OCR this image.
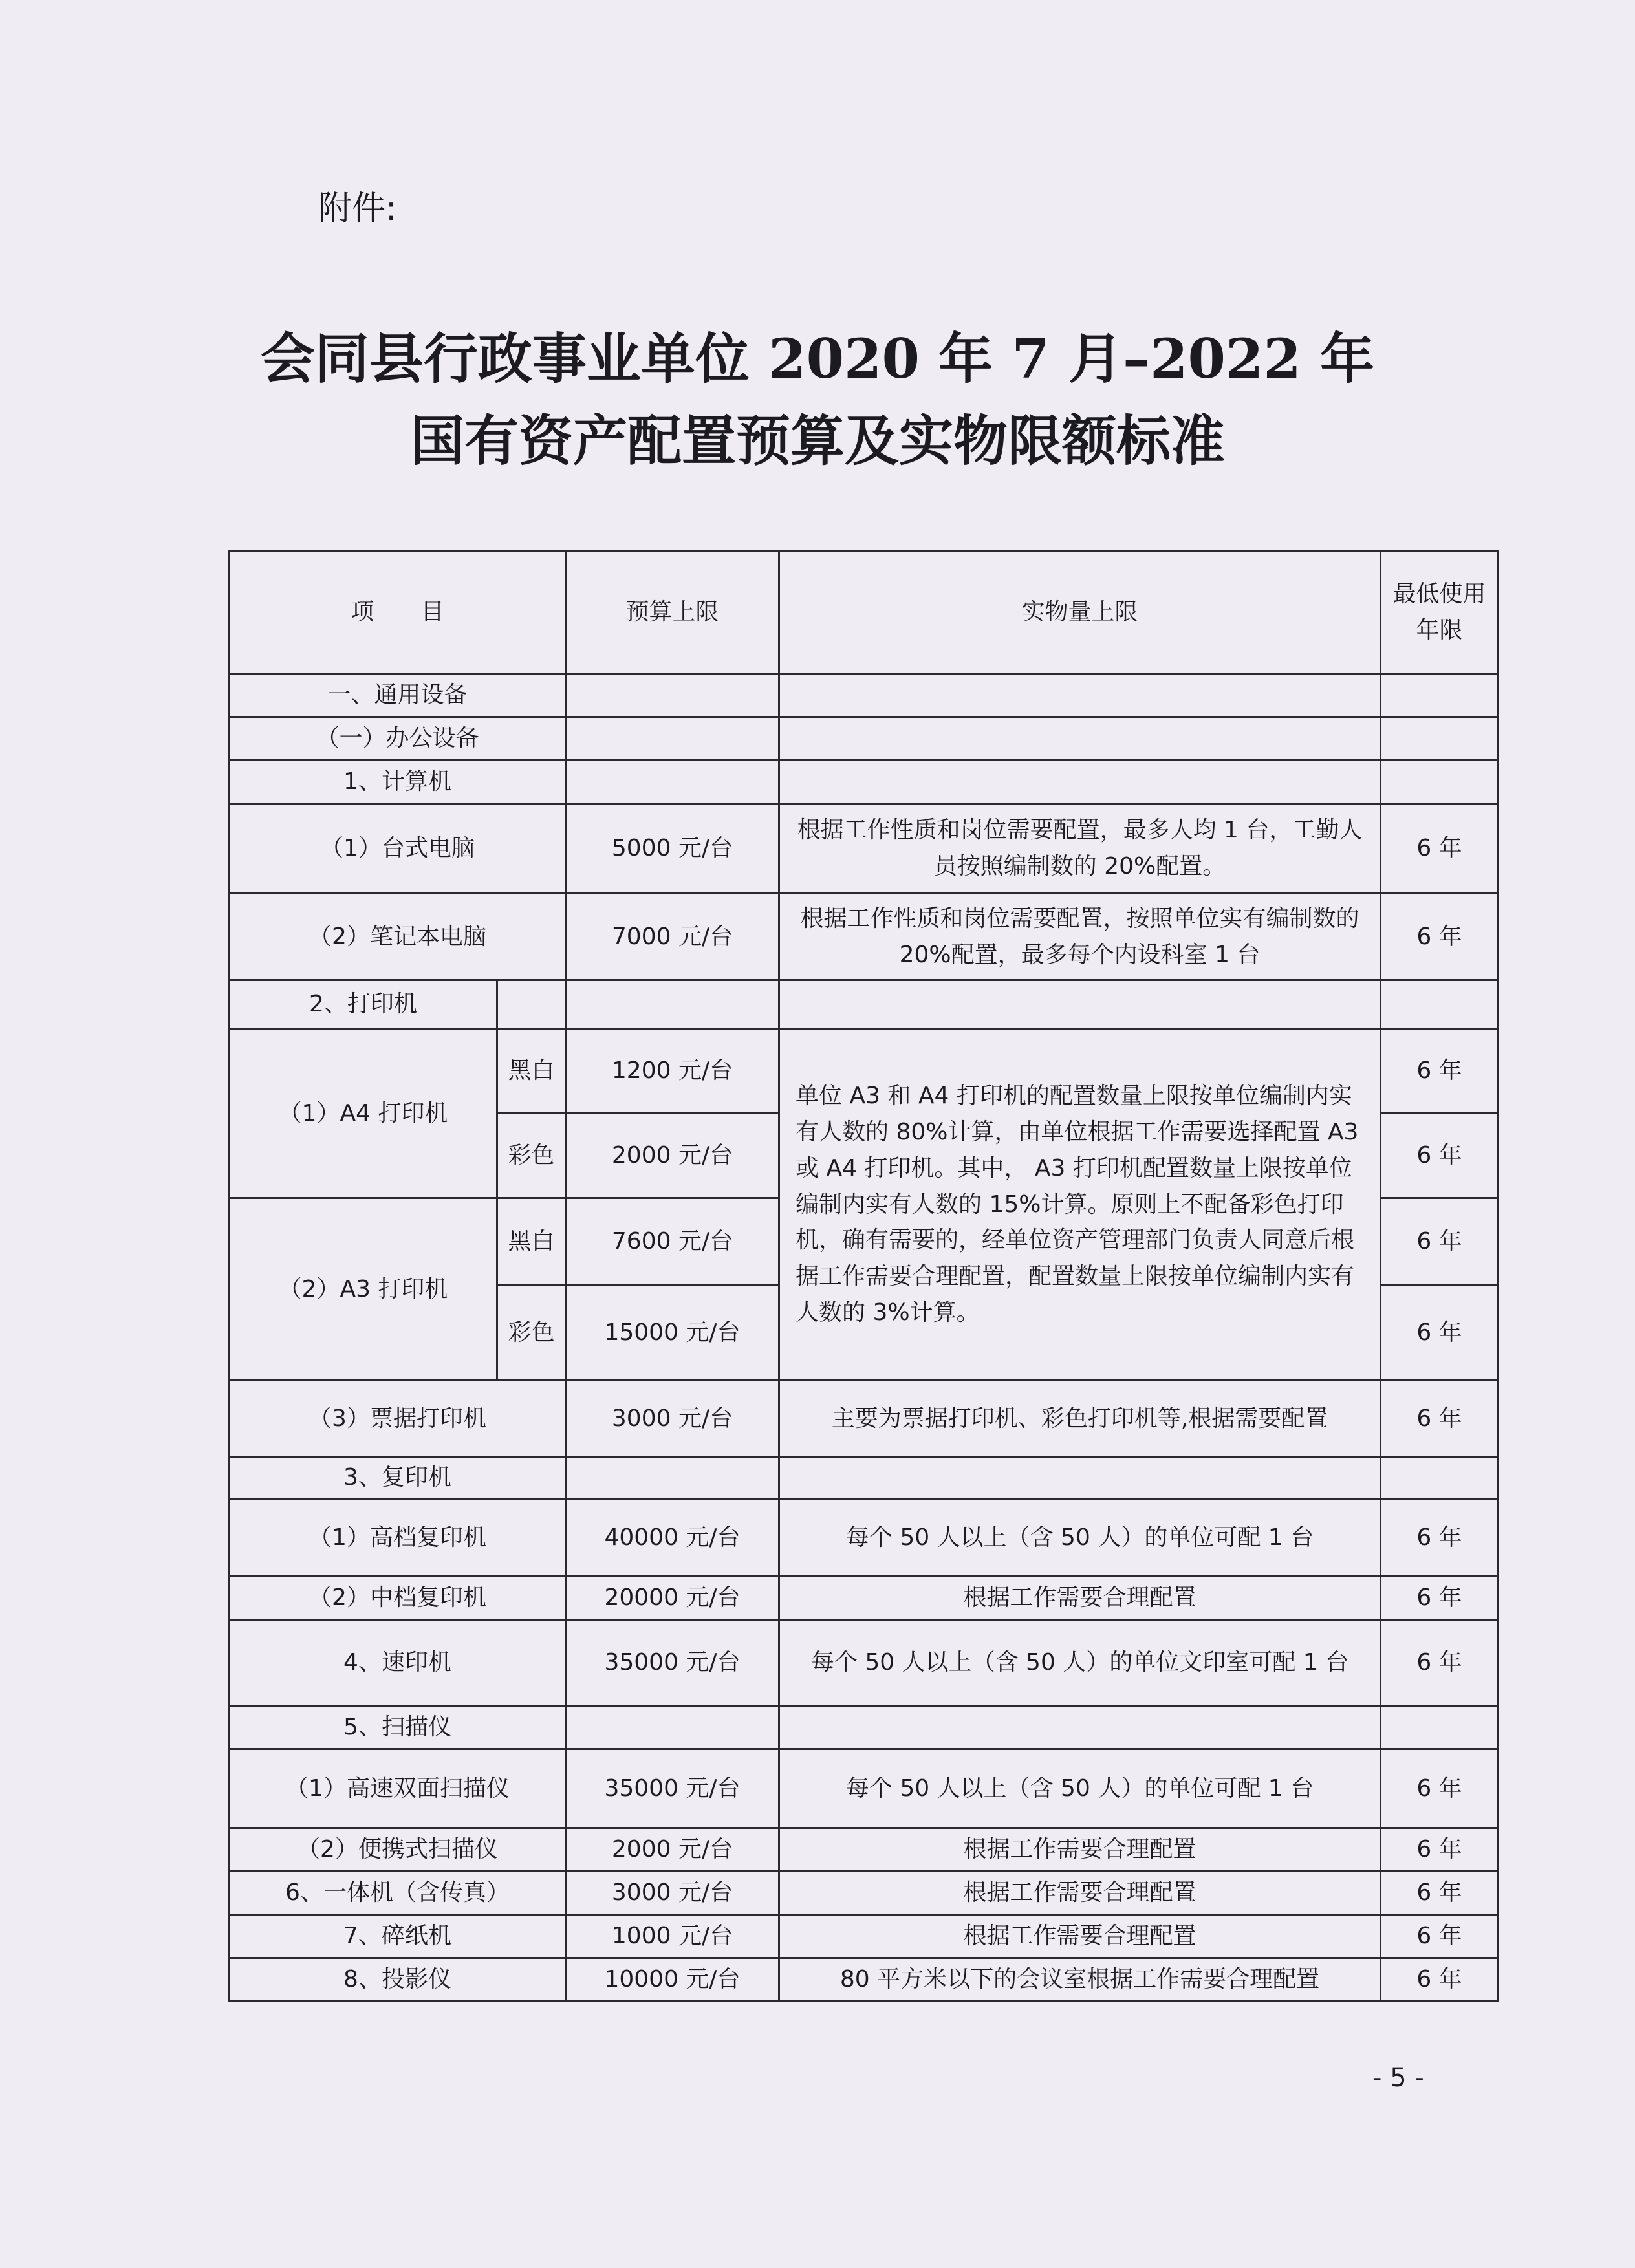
附件:
会同县行政事业单位 2020 年 7 月–2022 年
国有资产配置预算及实物限额标准
项　　目		预算上限	实物量上限	最低使用年限
一、通用设备				
（一）办公设备				
1、计算机				
（1）台式电脑		5000 元/台	根据工作性质和岗位需要配置，最多人均 1 台，工勤人员按照编制数的 20%配置。	6 年
（2）笔记本电脑		7000 元/台	根据工作性质和岗位需要配置，按照单位实有编制数的 20%配置，最多每个内设科室 1 台	6 年
2、打印机				
（1）A4 打印机	黑白	1200 元/台	单位 A3 和 A4 打印机的配置数量上限按单位编制内实有人数的 80%计算，由单位根据工作需要选择配置 A3 或 A4 打印机。其中， A3 打印机配置数量上限按单位编制内实有人数的 15%计算。原则上不配备彩色打印机，确有需要的，经单位资产管理部门负责人同意后根据工作需要合理配置，配置数量上限按单位编制内实有人数的 3%计算。	6 年
	彩色	2000 元/台		6 年
（2）A3 打印机	黑白	7600 元/台		6 年
	彩色	15000 元/台		6 年
（3）票据打印机		3000 元/台	主要为票据打印机、彩色打印机等,根据需要配置	6 年
3、复印机				
（1）高档复印机		40000 元/台	每个 50 人以上（含 50 人）的单位可配 1 台	6 年
（2）中档复印机		20000 元/台	根据工作需要合理配置	6 年
4、速印机		35000 元/台	每个 50 人以上（含 50 人）的单位文印室可配 1 台	6 年
5、扫描仪				
（1）高速双面扫描仪		35000 元/台	每个 50 人以上（含 50 人）的单位可配 1 台	6 年
（2）便携式扫描仪		2000 元/台	根据工作需要合理配置	6 年
6、一体机（含传真）		3000 元/台	根据工作需要合理配置	6 年
7、碎纸机		1000 元/台	根据工作需要合理配置	6 年
8、投影仪		10000 元/台	80 平方米以下的会议室根据工作需要合理配置	6 年
- 5 -
